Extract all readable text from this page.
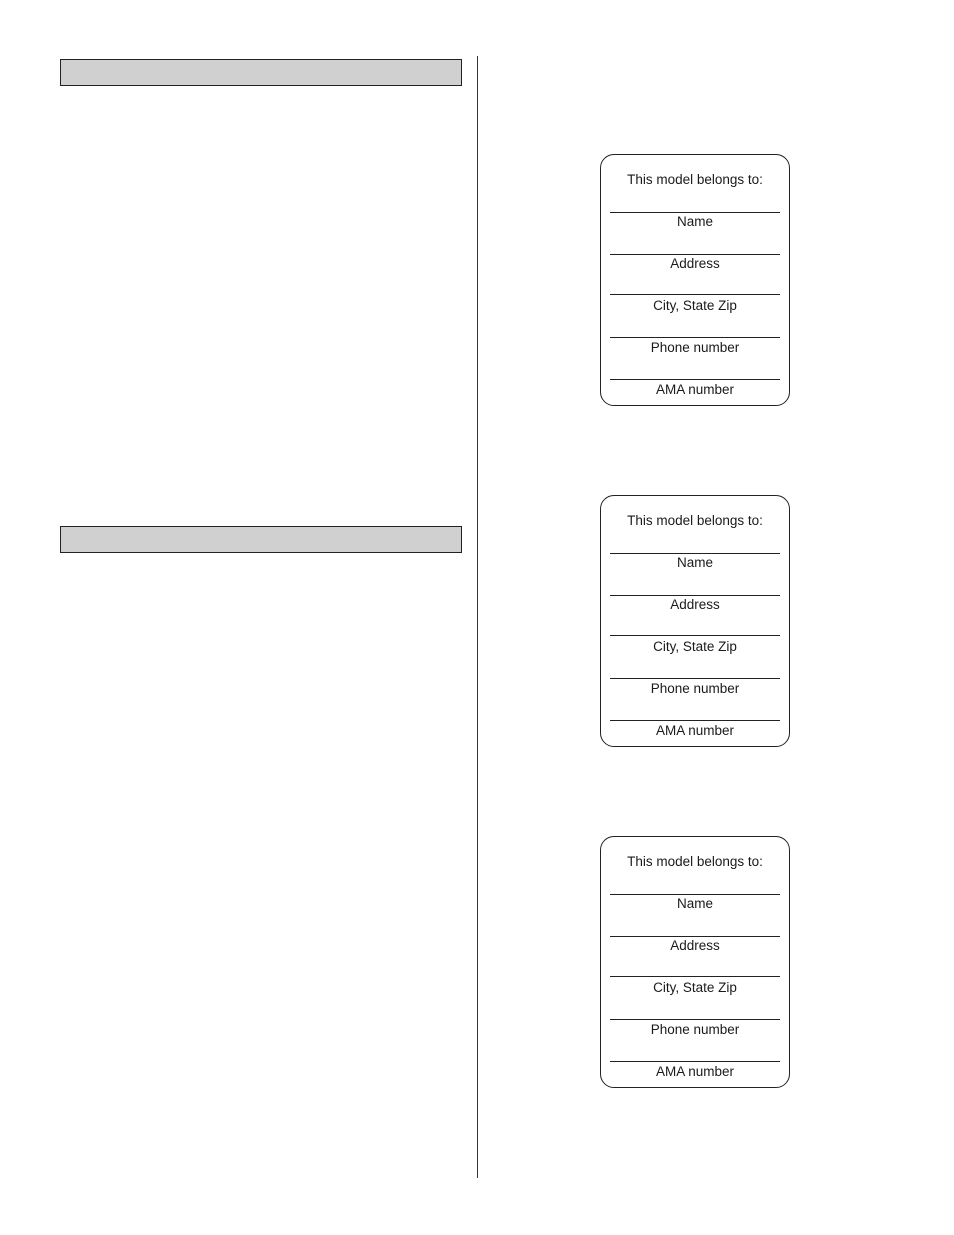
This model belongs to:
Name
Address
City, State Zip
Phone number
AMA number
This model belongs to:
Name
Address
City, State Zip
Phone number
AMA number
This model belongs to:
Name
Address
City, State Zip
Phone number
AMA number
